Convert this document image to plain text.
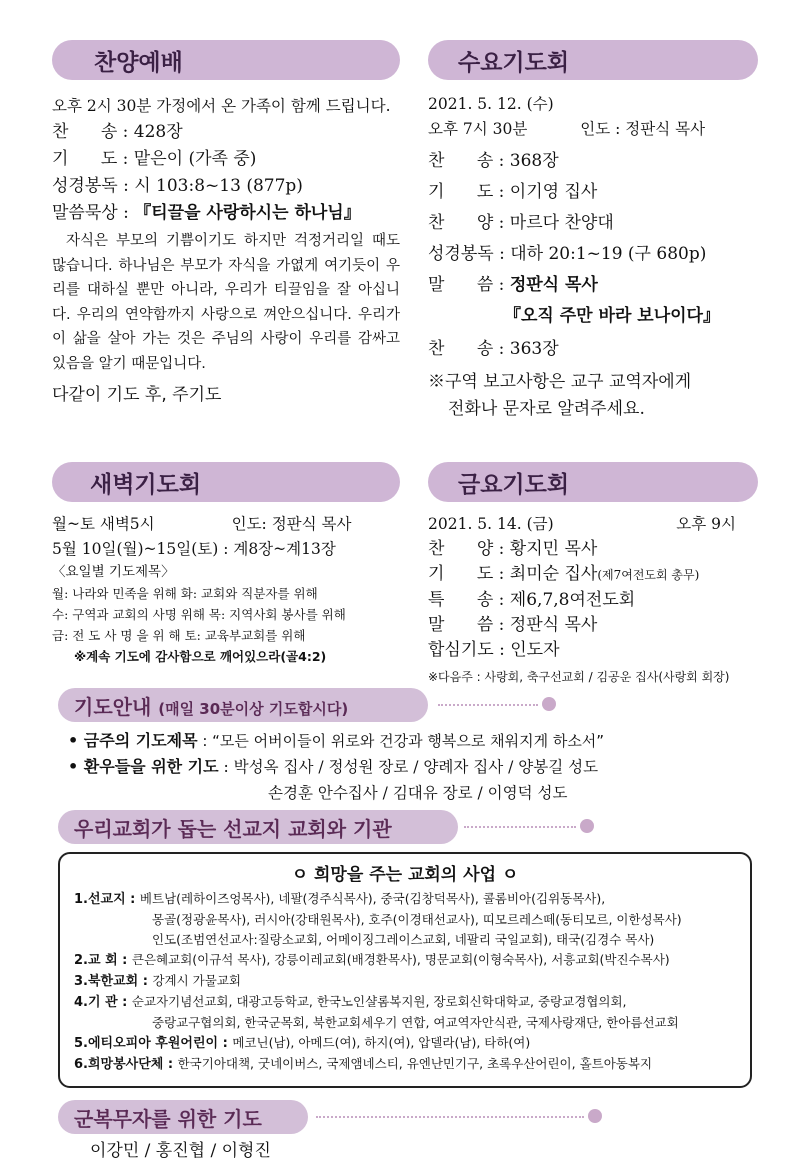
찬양예배
오후 2시 30분 가정에서 온 가족이 함께 드립니다.
찬      송 : 428장
기      도 : 맡은이 (가족 중)
성경봉독 : 시 103:8~13 (877p)
말씀묵상 : 『티끌을 사랑하시는 하나님』
자식은 부모의 기쁨이기도 하지만 걱정거리일 때도 많습니다. 하나님은 부모가 자식을 가엾게 여기듯이 우리를 대하실 뿐만 아니라, 우리가 티끌임을 잘 아십니다. 우리의 연약함까지 사랑으로 껴안으십니다. 우리가 이 삶을 살아 가는 것은 주님의 사랑이 우리를 감싸고 있음을 알기 때문입니다.
다같이 기도 후, 주기도
수요기도회
2021. 5. 12. (수)
오후 7시 30분	인도 : 정판식 목사
찬      송 : 368장
기      도 : 이기영 집사
찬      양 : 마르다 찬양대
성경봉독 : 대하 20:1~19 (구 680p)
말      씀 : 정판식 목사
『오직 주만 바라 보나이다』
찬      송 : 363장
※구역 보고사항은 교구 교역자에게
전화나 문자로 알려주세요.
새벽기도회
월~토 새벽5시	인도: 정판식 목사
5월 10일(월)~15일(토) : 계8장~계13장
〈요일별 기도제목〉
월: 나라와 민족을 위해 화: 교회와 직분자를 위해
수: 구역과 교회의 사명 위해 목: 지역사회 봉사를 위해
금: 전 도 사 명 을 위 해 토: 교육부교회를 위해
※계속 기도에 감사함으로 깨어있으라(골4:2)
금요기도회
2021. 5. 14. (금)	오후 9시
찬      양 : 황지민 목사
기      도 : 최미순 집사(제7여전도회 총무)
특      송 : 제6,7,8여전도회
말      씀 : 정판식 목사
합심기도 : 인도자
※다음주 : 사랑회, 축구선교회 / 김공운 집사(사랑회 회장)
기도안내 (매일 30분이상 기도합시다)
• 금주의 기도제목 : “모든 어버이들이 위로와 건강과 행복으로 채워지게 하소서”
• 환우들을 위한 기도 : 박성옥 집사 / 정성원 장로 / 양례자 집사 / 양봉길 성도
손경훈 안수집사 / 김대유 장로 / 이영덕 성도
우리교회가 돕는 선교지 교회와 기관
ㅇ 희망을 주는 교회의 사업 ㅇ
1.선교지 : 베트남(레하이즈엉목사), 네팔(경주식목사), 중국(김창덕목사), 콜롬비아(김위동목사),
몽골(정광윤목사), 러시아(강태원목사), 호주(이경태선교사), 띠모르레스떼(동티모르, 이한성목사)
인도(조범연선교사:질랑소교회, 어메이징그레이스교회, 네팔리 국일교회), 태국(김경수 목사)
2.교 회 : 큰은혜교회(이규석 목사), 강릉이레교회(배경환목사), 명문교회(이형숙목사), 서흥교회(박진수목사)
3.북한교회 : 강계시 가물교회
4.기 관 : 순교자기념선교회, 대광고등학교, 한국노인샬롬복지원, 장로회신학대학교, 중랑교경협의회,
중랑교구협의회, 한국군목회, 북한교회세우기 연합, 여교역자안식관, 국제사랑재단, 한아름선교회
5.에티오피아 후원어린이 : 메코닌(남), 아메드(여), 하지(여), 압델라(남), 타하(여)
6.희망봉사단체 : 한국기아대책, 굿네이버스, 국제앰네스티, 유엔난민기구, 초록우산어린이, 홀트아동복지
군복무자를 위한 기도
이강민 / 홍진협 / 이형진
